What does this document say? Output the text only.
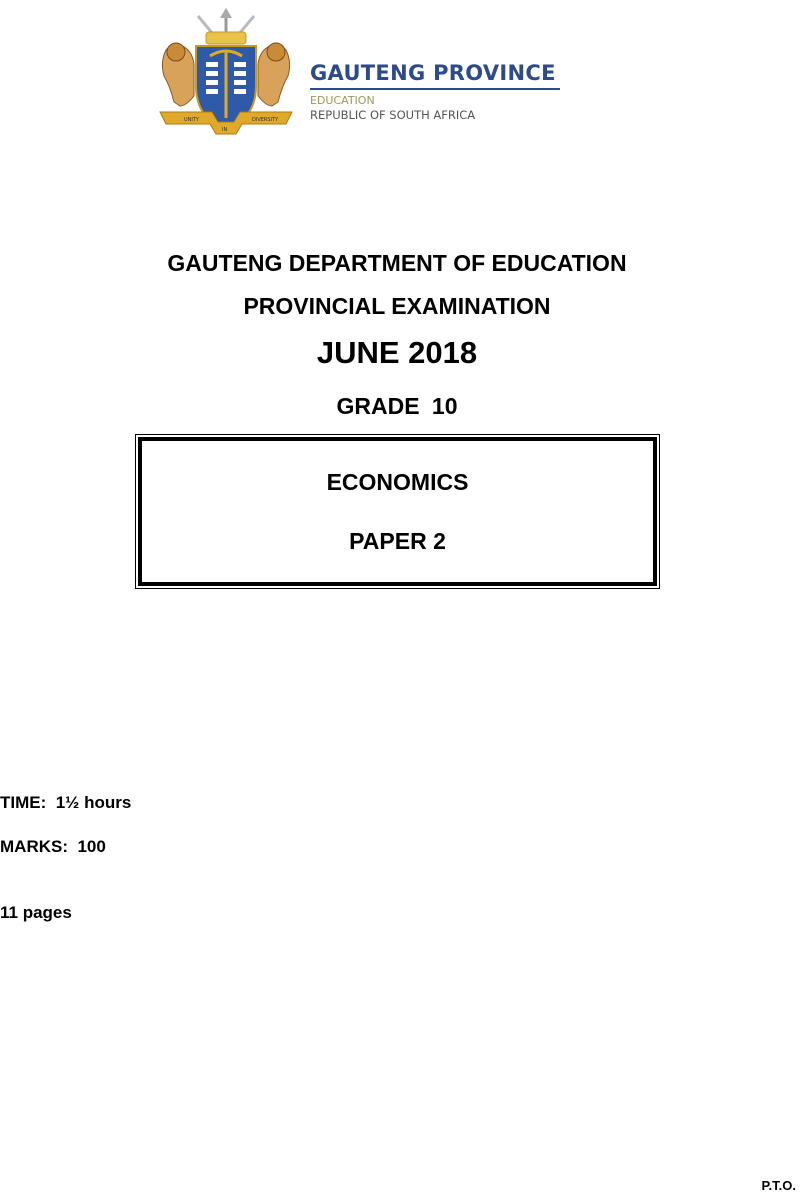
UNITY
IN
DIVERSITY
GAUTENG PROVINCE
EDUCATION
REPUBLIC OF SOUTH AFRICA
GAUTENG DEPARTMENT OF EDUCATION
PROVINCIAL EXAMINATION
JUNE 2018
GRADE 10
ECONOMICS
PAPER 2
TIME:  1½ hours
MARKS:  100
11 pages
P.T.O.
